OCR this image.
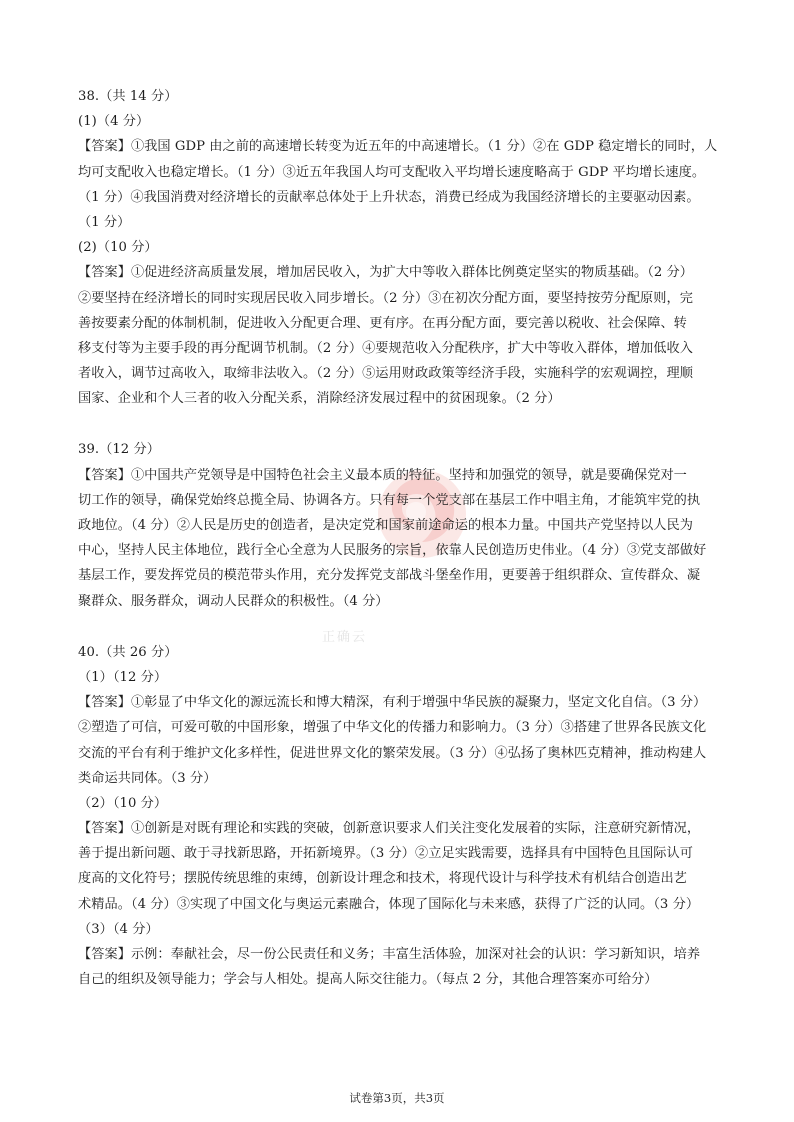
正确云
38.（共 14 分）
(1)（4 分）
【答案】①我国 GDP 由之前的高速增长转变为近五年的中高速增长。（1 分）②在 GDP 稳定增长的同时，人
均可支配收入也稳定增长。（1 分）③近五年我国人均可支配收入平均增长速度略高于 GDP 平均增长速度。
（1 分）④我国消费对经济增长的贡献率总体处于上升状态，消费已经成为我国经济增长的主要驱动因素。
（1 分）
(2)（10 分）
【答案】①促进经济高质量发展，增加居民收入，为扩大中等收入群体比例奠定坚实的物质基础。（2 分）
②要坚持在经济增长的同时实现居民收入同步增长。（2 分）③在初次分配方面，要坚持按劳分配原则，完
善按要素分配的体制机制，促进收入分配更合理、更有序。在再分配方面，要完善以税收、社会保障、转
移支付等为主要手段的再分配调节机制。（2 分）④要规范收入分配秩序，扩大中等收入群体，增加低收入
者收入，调节过高收入，取缔非法收入。（2 分）⑤运用财政政策等经济手段，实施科学的宏观调控，理顺
国家、企业和个人三者的收入分配关系，消除经济发展过程中的贫困现象。（2 分）
39.（12 分）
【答案】①中国共产党领导是中国特色社会主义最本质的特征。坚持和加强党的领导，就是要确保党对一
切工作的领导，确保党始终总揽全局、协调各方。只有每一个党支部在基层工作中唱主角，才能筑牢党的执
政地位。（4 分）②人民是历史的创造者，是决定党和国家前途命运的根本力量。中国共产党坚持以人民为
中心，坚持人民主体地位，践行全心全意为人民服务的宗旨，依靠人民创造历史伟业。（4 分）③党支部做好
基层工作，要发挥党员的模范带头作用，充分发挥党支部战斗堡垒作用，更要善于组织群众、宣传群众、凝
聚群众、服务群众，调动人民群众的积极性。（4 分）
40.（共 26 分）
（1）（12 分）
【答案】①彰显了中华文化的源远流长和博大精深，有利于增强中华民族的凝聚力，坚定文化自信。（3 分）
②塑造了可信，可爱可敬的中国形象，增强了中华文化的传播力和影响力。（3 分）③搭建了世界各民族文化
交流的平台有利于维护文化多样性，促进世界文化的繁荣发展。（3 分）④弘扬了奥林匹克精神，推动构建人
类命运共同体。（3 分）
（2）（10 分）
【答案】①创新是对既有理论和实践的突破，创新意识要求人们关注变化发展着的实际，注意研究新情况，
善于提出新问题、敢于寻找新思路，开拓新境界。（3 分）②立足实践需要，选择具有中国特色且国际认可
度高的文化符号；摆脱传统思维的束缚，创新设计理念和技术，将现代设计与科学技术有机结合创造出艺
术精品。（4 分）③实现了中国文化与奥运元素融合，体现了国际化与未来感，获得了广泛的认同。（3 分）
（3）（4 分）
【答案】示例：奉献社会，尽一份公民责任和义务；丰富生活体验，加深对社会的认识：学习新知识，培养
自己的组织及领导能力；学会与人相处。提高人际交往能力。（每点 2 分，其他合理答案亦可给分）
试卷第3页，共3页
